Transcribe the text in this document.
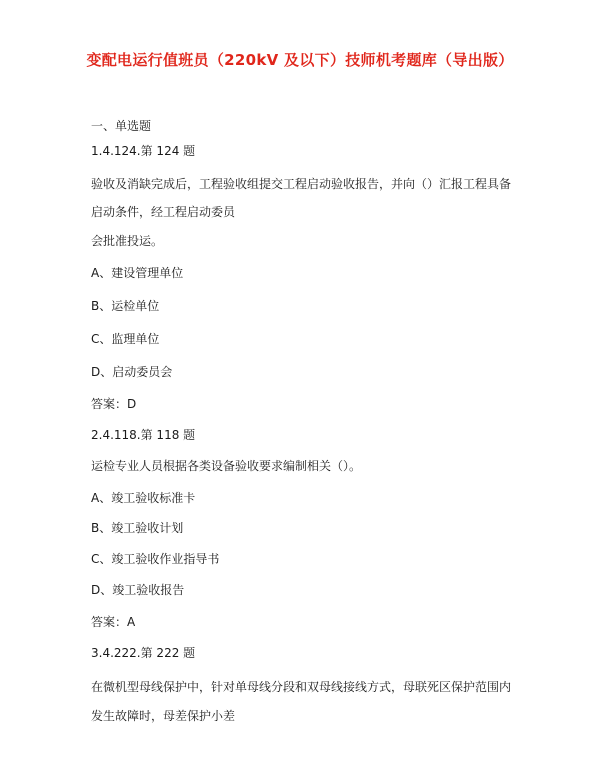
变配电运行值班员（220kV 及以下）技师机考题库（导出版）
一、单选题
1.4.124.第 124 题
验收及消缺完成后，工程验收组提交工程启动验收报告，并向（）汇报工程具备
启动条件，经工程启动委员
会批准投运。
A、建设管理单位
B、运检单位
C、监理单位
D、启动委员会
答案：D
2.4.118.第 118 题
运检专业人员根据各类设备验收要求编制相关（）。
A、竣工验收标准卡
B、竣工验收计划
C、竣工验收作业指导书
D、竣工验收报告
答案：A
3.4.222.第 222 题
在微机型母线保护中，针对单母线分段和双母线接线方式，母联死区保护范围内
发生故障时，母差保护小差
